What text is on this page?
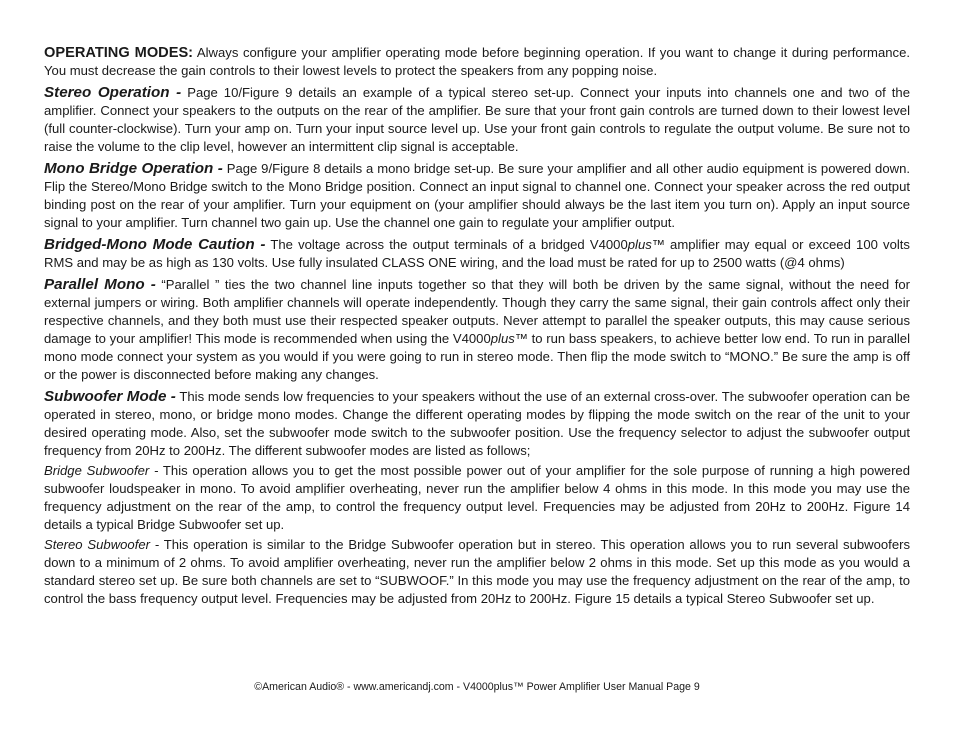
OPERATING MODES: Always configure your amplifier operating mode before beginning operation. If you want to change it during performance. You must decrease the gain controls to their lowest levels to protect the speakers from any popping noise.

Stereo Operation - Page 10/Figure 9 details an example of a typical stereo set-up. Connect your inputs into channels one and two of the amplifier. Connect your speakers to the outputs on the rear of the amplifier. Be sure that your front gain controls are turned down to their lowest level (full counter-clockwise). Turn your amp on. Turn your input source level up. Use your front gain controls to regulate the output volume. Be sure not to raise the volume to the clip level, however an intermittent clip signal is acceptable.

Mono Bridge Operation - Page 9/Figure 8 details a mono bridge set-up. Be sure your amplifier and all other audio equipment is powered down. Flip the Stereo/Mono Bridge switch to the Mono Bridge position. Connect an input signal to channel one. Connect your speaker across the red output binding post on the rear of your amplifier. Turn your equipment on (your amplifier should always be the last item you turn on). Apply an input source signal to your amplifier. Turn channel two gain up. Use the channel one gain to regulate your amplifier output.

Bridged-Mono Mode Caution - The voltage across the output terminals of a bridged V4000plus™ amplifier may equal or exceed 100 volts RMS and may be as high as 130 volts. Use fully insulated CLASS ONE wiring, and the load must be rated for up to 2500 watts (@4 ohms)

Parallel Mono - “Parallel ” ties the two channel line inputs together so that they will both be driven by the same signal, without the need for external jumpers or wiring. Both amplifier channels will operate independently. Though they carry the same signal, their gain controls affect only their respective channels, and they both must use their respected speaker outputs. Never attempt to parallel the speaker outputs, this may cause serious damage to your amplifier! This mode is recommended when using the V4000plus™ to run bass speakers, to achieve better low end. To run in parallel mono mode connect your system as you would if you were going to run in stereo mode. Then flip the mode switch to “MONO.” Be sure the amp is off or the power is disconnected before making any changes.

Subwoofer Mode - This mode sends low frequencies to your speakers without the use of an external cross-over. The subwoofer operation can be operated in stereo, mono, or bridge mono modes. Change the different operating modes by flipping the mode switch on the rear of the unit to your desired operating mode. Also, set the subwoofer mode switch to the subwoofer position. Use the frequency selector to adjust the subwoofer output frequency from 20Hz to 200Hz. The different subwoofer modes are listed as follows;

Bridge Subwoofer - This operation allows you to get the most possible power out of your amplifier for the sole purpose of running a high powered subwoofer loudspeaker in mono. To avoid amplifier overheating, never run the amplifier below 4 ohms in this mode. In this mode you may use the frequency adjustment on the rear of the amp, to control the frequency output level. Frequencies may be adjusted from 20Hz to 200Hz. Figure 14 details a typical Bridge Subwoofer set up.

Stereo Subwoofer - This operation is similar to the Bridge Subwoofer operation but in stereo. This operation allows you to run several subwoofers down to a minimum of 2 ohms. To avoid amplifier overheating, never run the amplifier below 2 ohms in this mode. Set up this mode as you would a standard stereo set up. Be sure both channels are set to “SUBWOOF.” In this mode you may use the frequency adjustment on the rear of the amp, to control the bass frequency output level. Frequencies may be adjusted from 20Hz to 200Hz. Figure 15 details a typical Stereo Subwoofer set up.

©American Audio® - www.americandj.com - V4000plus™ Power Amplifier User Manual Page 9
